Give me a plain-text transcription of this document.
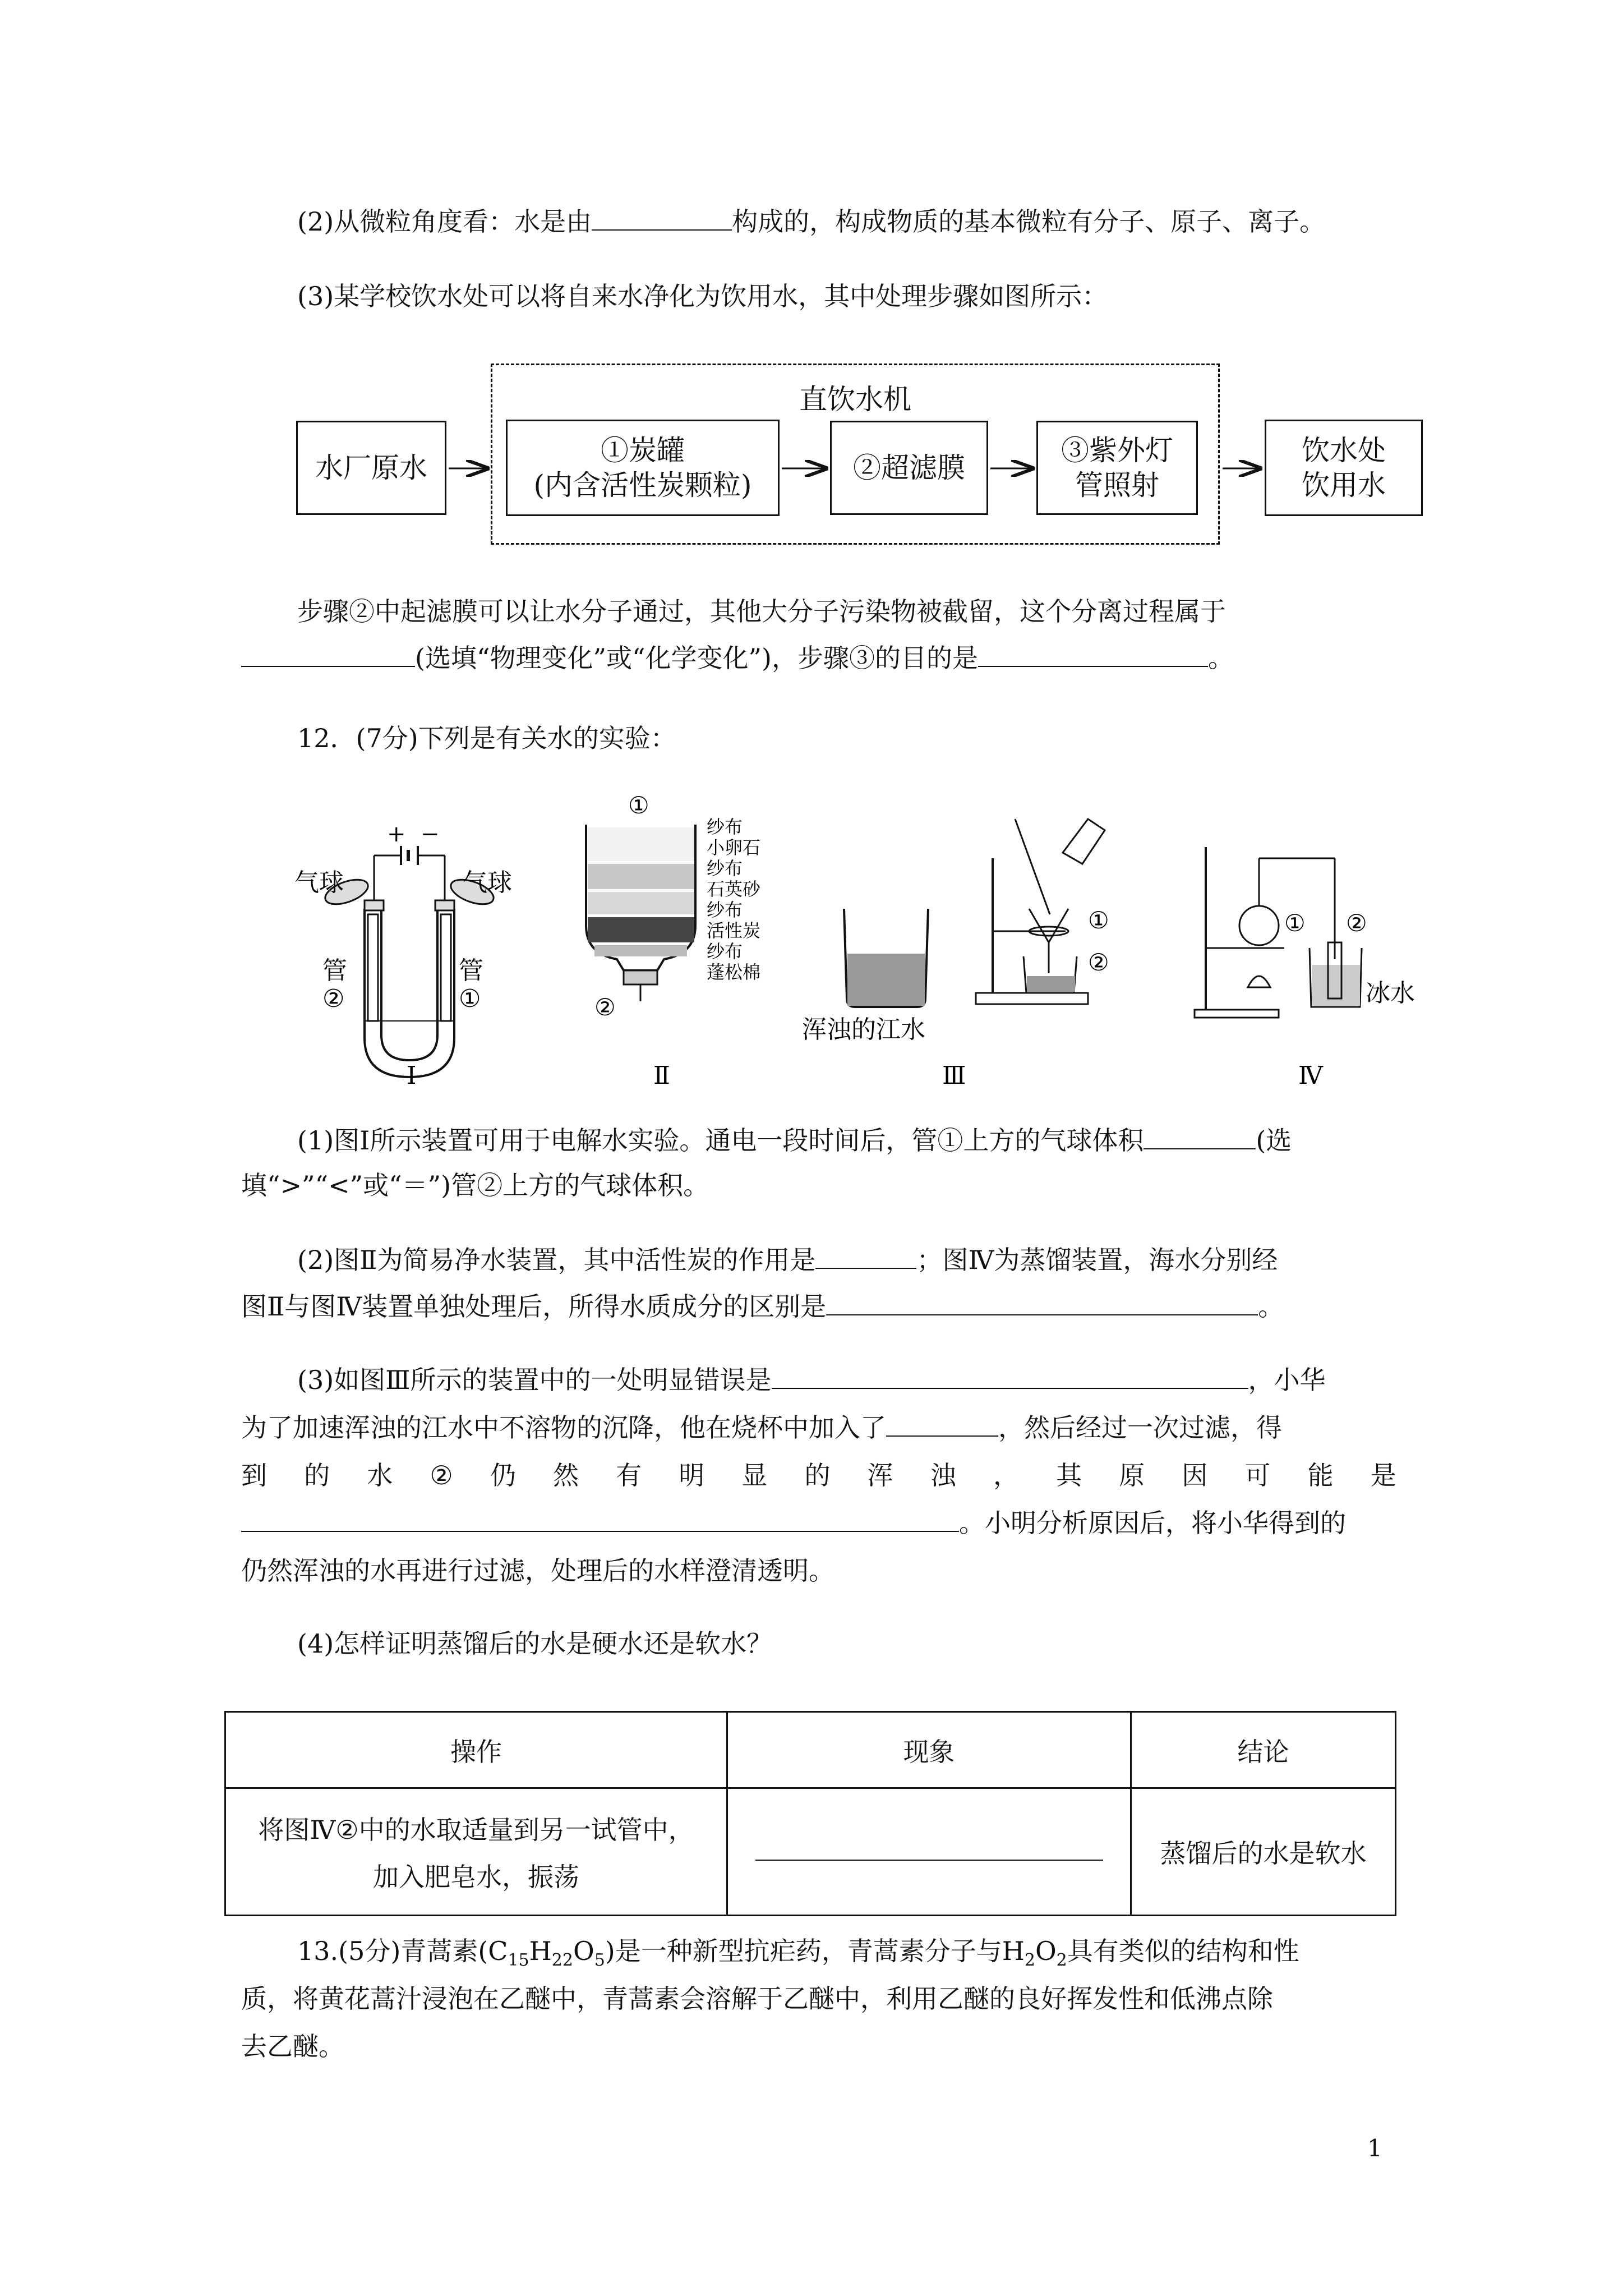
(2)从微粒角度看：水是由	构成的，构成物质的基本微粒有分子、原子、离子。
(3)某学校饮水处可以将自来水净化为饮用水，其中处理步骤如图所示：
直饮水机
水厂原水
①炭罐
(内含活性炭颗粒)
②超滤膜
③紫外灯
管照射
饮水处
饮用水
步骤②中起滤膜可以让水分子通过，其他大分子污染物被截留，这个分离过程属于
(选填“物理变化”或“化学变化”)，步骤③的目的是	。
12．(7分)下列是有关水的实验：
+ −
气球	气球
管
②
管
①
Ⅰ
①
②
纱布
小卵石
纱布
石英砂
纱布
活性炭
纱布
蓬松棉
Ⅱ
浑浊的江水
①
②
Ⅲ
① ②
冰水
Ⅳ
(1)图Ⅰ所示装置可用于电解水实验。通电一段时间后，管①上方的气球体积	(选
填“>”“<”或“＝”)管②上方的气球体积。
(2)图Ⅱ为简易净水装置，其中活性炭的作用是	；图Ⅳ为蒸馏装置，海水分别经
图Ⅱ与图Ⅳ装置单独处理后，所得水质成分的区别是	。
(3)如图Ⅲ所示的装置中的一处明显错误是	，小华
为了加速浑浊的江水中不溶物的沉降，他在烧杯中加入了	，然后经过一次过滤，得
到 的 水 ② 仍 然 有 明 显 的 浑 浊 ， 其 原 因 可 能 是
。小明分析原因后，将小华得到的
仍然浑浊的水再进行过滤，处理后的水样澄清透明。
(4)怎样证明蒸馏后的水是硬水还是软水？
操作	现象	结论

将图Ⅳ②中的水取适量到另一试管中，
加入肥皂水，振荡		蒸馏后的水是软水
13.(5分)青蒿素$(C_{15}H_{22}O_5)$是一种新型抗疟药，青蒿素分子与$H_2O_2$具有类似的结构和性
质，将黄花蒿汁浸泡在乙醚中，青蒿素会溶解于乙醚中，利用乙醚的良好挥发性和低沸点除
去乙醚。
1
